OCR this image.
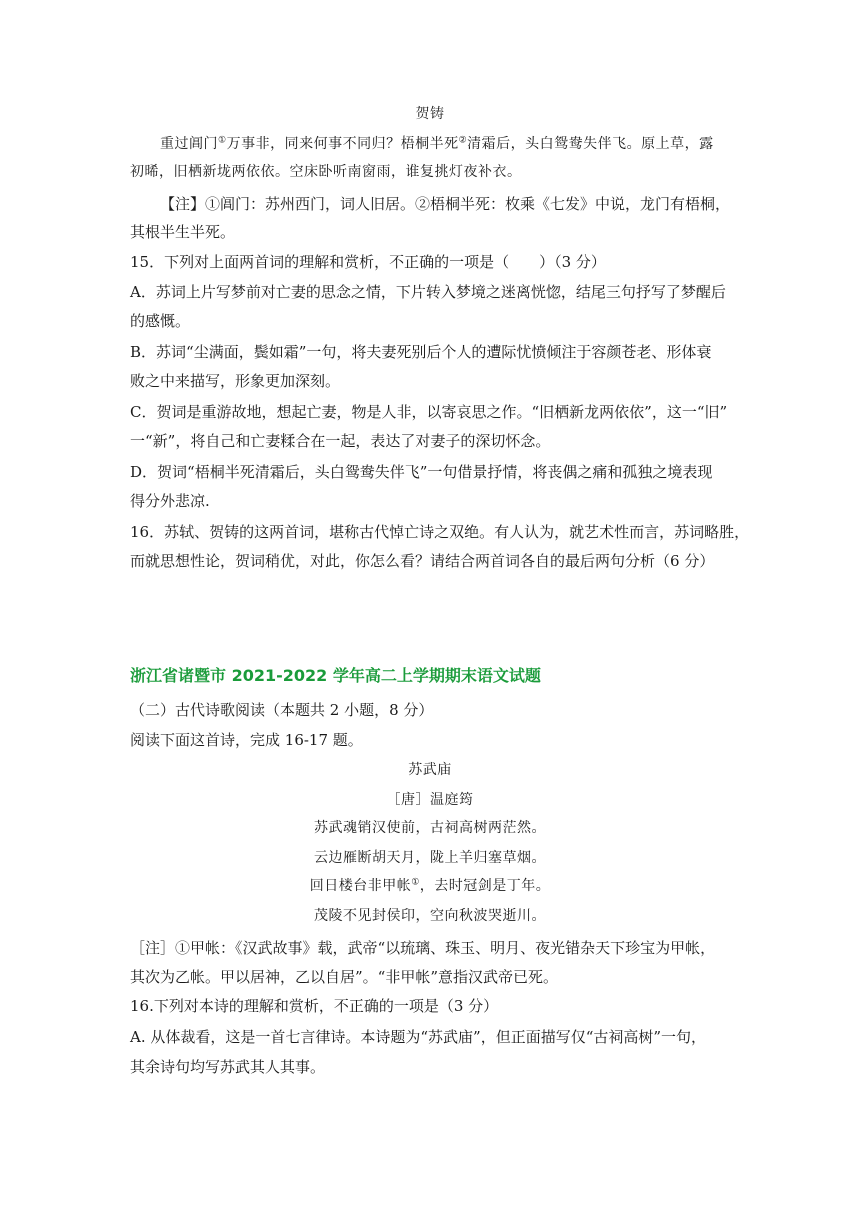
贺铸
重过阊门①万事非，同来何事不同归？梧桐半死②清霜后，头白鸳鸯失伴飞。原上草，露
初晞，旧栖新垅两依依。空床卧听南窗雨，谁复挑灯夜补衣。
【注】①阊门：苏州西门，词人旧居。②梧桐半死：枚乘《七发》中说，龙门有梧桐，
其根半生半死。
15．下列对上面两首词的理解和赏析，不正确的一项是（　　）（3 分）
A．苏词上片写梦前对亡妻的思念之情，下片转入梦境之迷离恍惚，结尾三句抒写了梦醒后
的感慨。
B．苏词“尘满面，鬓如霜”一句，将夫妻死别后个人的遭际忧愤倾注于容颜苍老、形体衰
败之中来描写，形象更加深刻。
C．贺词是重游故地，想起亡妻，物是人非，以寄哀思之作。“旧栖新龙两依依”，这一“旧”
一“新”，将自己和亡妻糅合在一起，表达了对妻子的深切怀念。
D．贺词“梧桐半死清霜后，头白鸳鸯失伴飞”一句借景抒情，将丧偶之痛和孤独之境表现
得分外悲凉.
16．苏轼、贺铸的这两首词，堪称古代悼亡诗之双绝。有人认为，就艺术性而言，苏词略胜，
而就思想性论，贺词稍优，对此，你怎么看？请结合两首词各自的最后两句分析（6 分）
浙江省诸暨市 2021-2022 学年高二上学期期末语文试题
（二）古代诗歌阅读（本题共 2 小题，8 分）
阅读下面这首诗，完成 16-17 题。
苏武庙
［唐］温庭筠
苏武魂销汉使前，古祠高树两茫然。
云边雁断胡天月，陇上羊归塞草烟。
回日楼台非甲帐①，去时冠剑是丁年。
茂陵不见封侯印，空向秋波哭逝川。
［注］①甲帐：《汉武故事》载，武帝“以琉璃、珠玉、明月、夜光错杂天下珍宝为甲帐，
其次为乙帐。甲以居神，乙以自居”。“非甲帐”意指汉武帝已死。
16.下列对本诗的理解和赏析，不正确的一项是（3 分）
A. 从体裁看，这是一首七言律诗。本诗题为“苏武庙”，但正面描写仅“古祠高树”一句，
其余诗句均写苏武其人其事。
